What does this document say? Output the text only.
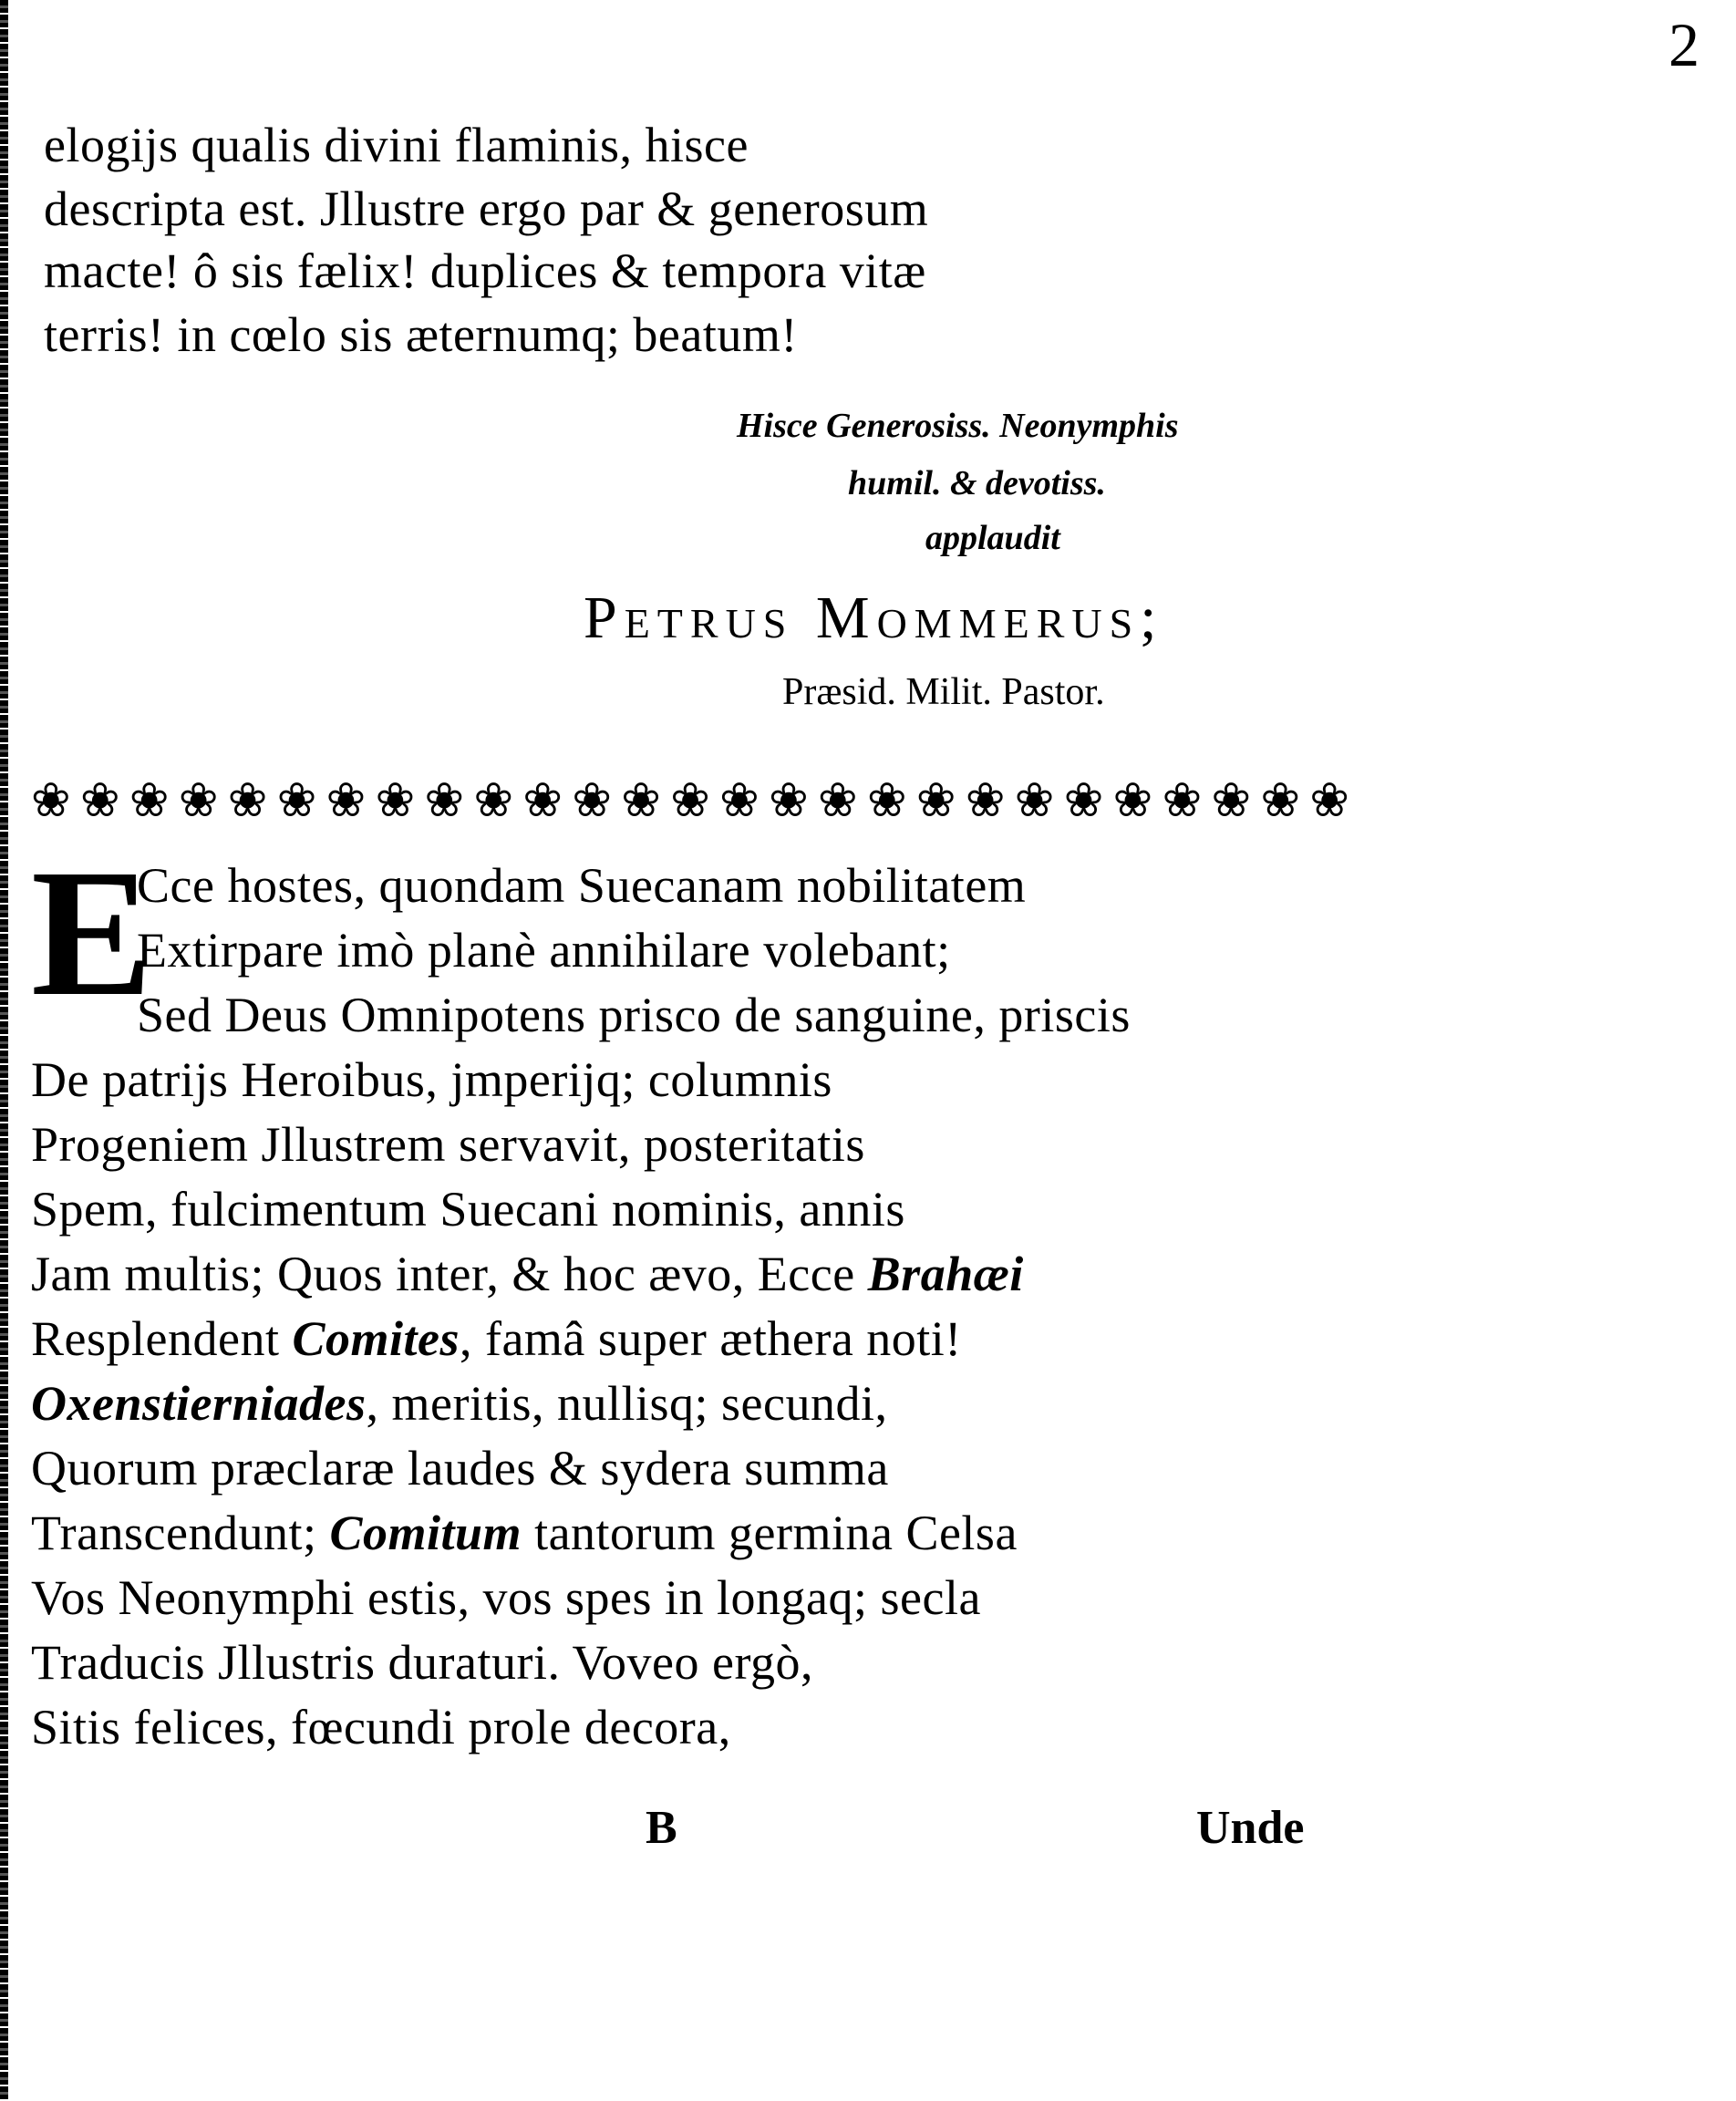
2
elogijs qualis divini flaminis, hisce
descripta est. Jllustre ergo par & generosum
macte! ô sis fælix! duplices & tempora vitæ
terris! in cœlo sis æternumq; beatum!
Hisce Generosiss. Neonymphis
humil. & devotiss.
applaudit
Petrus Mommerus;
Præsid. Milit. Pastor.
❀ ❀ ❀ ❀ ❀ ❀ ❀ ❀ ❀ ❀ ❀ ❀ ❀ ❀ ❀ ❀ ❀ ❀ ❀ ❀ ❀ ❀ ❀ ❀ ❀ ❀ ❀
E
Cce hostes, quondam Suecanam nobilitatem
Extirpare imò planè annihilare volebant;
Sed Deus Omnipotens prisco de sanguine, priscis
De patrijs Heroibus, jmperijq; columnis
Progeniem Jllustrem servavit, posteritatis
Spem, fulcimentum Suecani nominis, annis
Jam multis; Quos inter, & hoc ævo, Ecce Brahæi
Resplendent Comites, famâ super æthera noti!
Oxenstierniades, meritis, nullisq; secundi,
Quorum præclaræ laudes & sydera summa
Transcendunt; Comitum tantorum germina Celsa
Vos Neonymphi estis, vos spes in longaq; secla
Traducis Jllustris duraturi. Voveo ergò,
Sitis felices, fœcundi prole decora,
B	Unde
